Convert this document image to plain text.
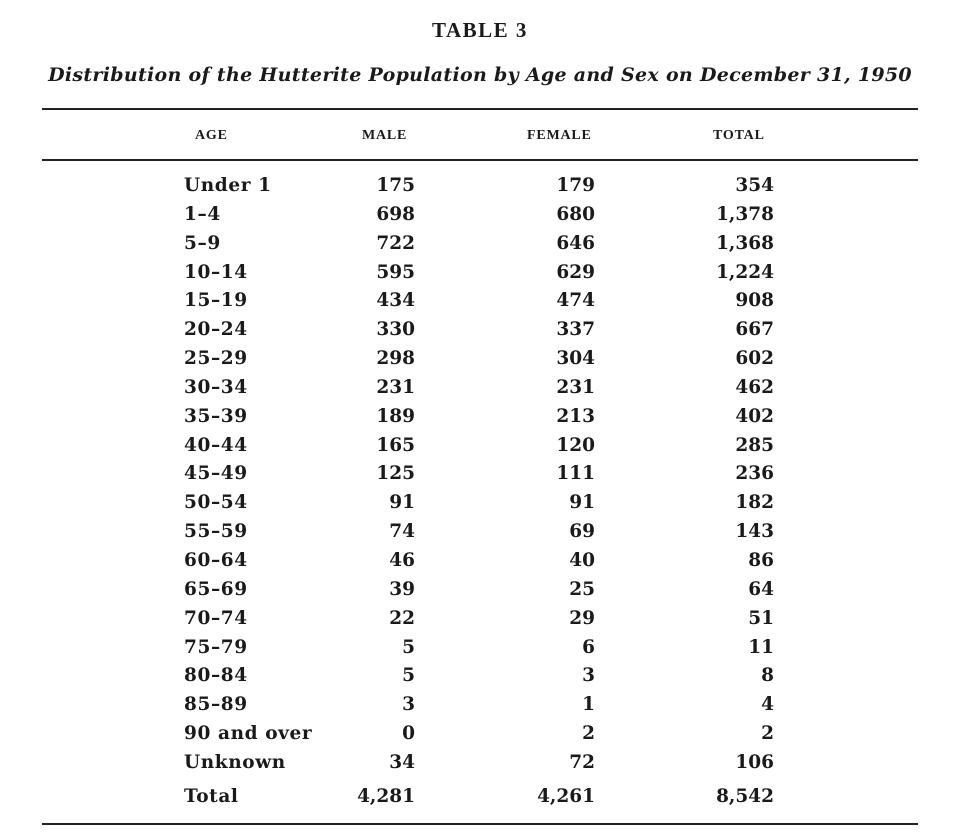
TABLE 3
Distribution of the Hutterite Population by Age and Sex on December 31, 1950
AGE	MALE	FEMALE	TOTAL
Under 1	175	179	354
1–4	698	680	1,378
5–9	722	646	1,368
10–14	595	629	1,224
15–19	434	474	908
20–24	330	337	667
25–29	298	304	602
30–34	231	231	462
35–39	189	213	402
40–44	165	120	285
45–49	125	111	236
50–54	91	91	182
55–59	74	69	143
60–64	46	40	86
65–69	39	25	64
70–74	22	29	51
75–79	5	6	11
80–84	5	3	8
85–89	3	1	4
90 and over	0	2	2
Unknown	34	72	106
Total	4,281	4,261	8,542
